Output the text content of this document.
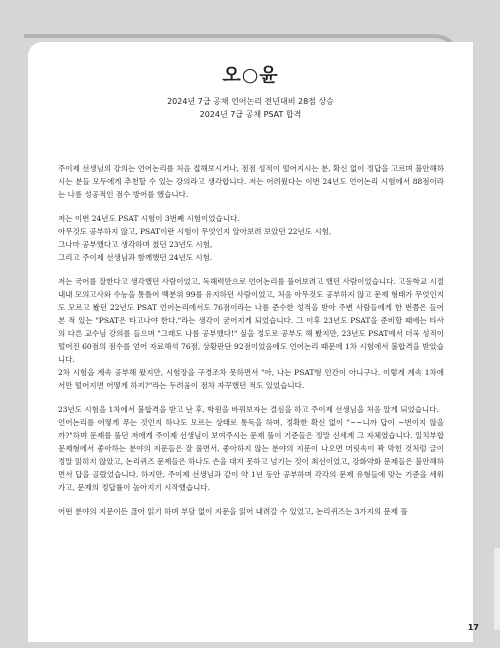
오○윤

2024년 7급 공채 언어논리 전년대비 28점 상승

2024년 7급 공채 PSAT 합격

주이제 선생님의 강의는 언어논리를 처음 접해보시거나, 점점 성적이 떨어지시는 분, 확신 없이 정답을 고르며 불안해하시는 분들 모두에게 추천할 수 있는 강의라고 생각합니다. 저는 어려웠다는 이번 24년도 언어논리 시험에서 88점이라는 나름 성공적인 점수 방어를 했습니다.

저는 이번 24년도 PSAT 시험이 3번째 시험이었습니다.
아무것도 공부하지 않고, PSAT이란 시험이 무엇인지 알아보려 보았던 22년도 시험,
그나마 공부했다고 생각하며 쳤던 23년도 시험,
그리고 주이제 선생님과 함께했던 24년도 시험.

저는 국어를 잘한다고 생각했던 사람이었고, 독해력만으로 언어논리를 풀어보려고 했던 사람이었습니다. 고등학교 시절 내내 모의고사와 수능을 통틀어 백분위 99를 유지하던 사람이었고, 처음 아무것도 공부하지 않고 문제 형태가 무엇인지도 모르고 봤던 22년도 PSAT 언어논리에서도 76점이라는 나름 준수한 성적을 받아 주변 사람들에게 한 번쯤은 들어본 적 있는 "PSAT은 타고나야 한다."라는 생각이 굳어지게 되었습니다. 그 이후 23년도 PSAT을 준비할 때에는 타사의 다른 교수님 강의를 들으며 "그래도 나름 공부했다!" 싶을 정도로 공부도 해 봤지만, 23년도 PSAT에서 더욱 성적이 떨어진 60점의 점수를 얻어 자료해석 76점, 상황판단 92점이었음에도 언어논리 때문에 1차 시험에서 불합격을 받았습니다.
2차 시험을 계속 공부해 왔지만, 시험장을 구경조차 못하면서 "아, 나는 PSAT형 인간이 아니구나. 이렇게 계속 1차에서만 떨어지면 어떻게 하지?"라는 두려움이 점차 자꾸했던 적도 있었습니다.

23년도 시험을 1차에서 불합격을 받고 난 후, 학원을 바꿔보자는 결심을 하고 주이제 선생님을 처음 알게 되었습니다.
언어논리를 어떻게 푸는 것인지 하나도 모르는 상태로 통독을 하며, 정확한 확신 없이 "~~니까 답이 ~번이지 않을까?"하며 문제를 풀던 저에게 주이제 선생님이 보여주시는 문제 풀이 기준들은 정말 신세계 그 자체였습니다. 일치부합 문제형에서 좋아하는 분야의 지문들은 잘 풀면서, 좋아하지 않는 분야의 지문이 나오면 머릿속이 꽉 막힌 것처럼 글이 정말 읽히지 않았고, 논리퀴즈 문제들은 하나도 손을 대지 못하고 넘기는 것이 최선이었고, 강화약화 문제들은 불안해하면서 답을 골랐었습니다. 하지만, 주이제 선생님과 같이 약 1년 동안 공부하며 각각의 문제 유형들에 맞는 기준을 세워가고, 문제의 정답률이 높아지기 시작했습니다.

어떤 분야의 지문이든 끊어 읽기 하며 부담 없이 지문을 읽어 내려갈 수 있었고, 논리퀴즈는 3가지의 문제 풀

17
